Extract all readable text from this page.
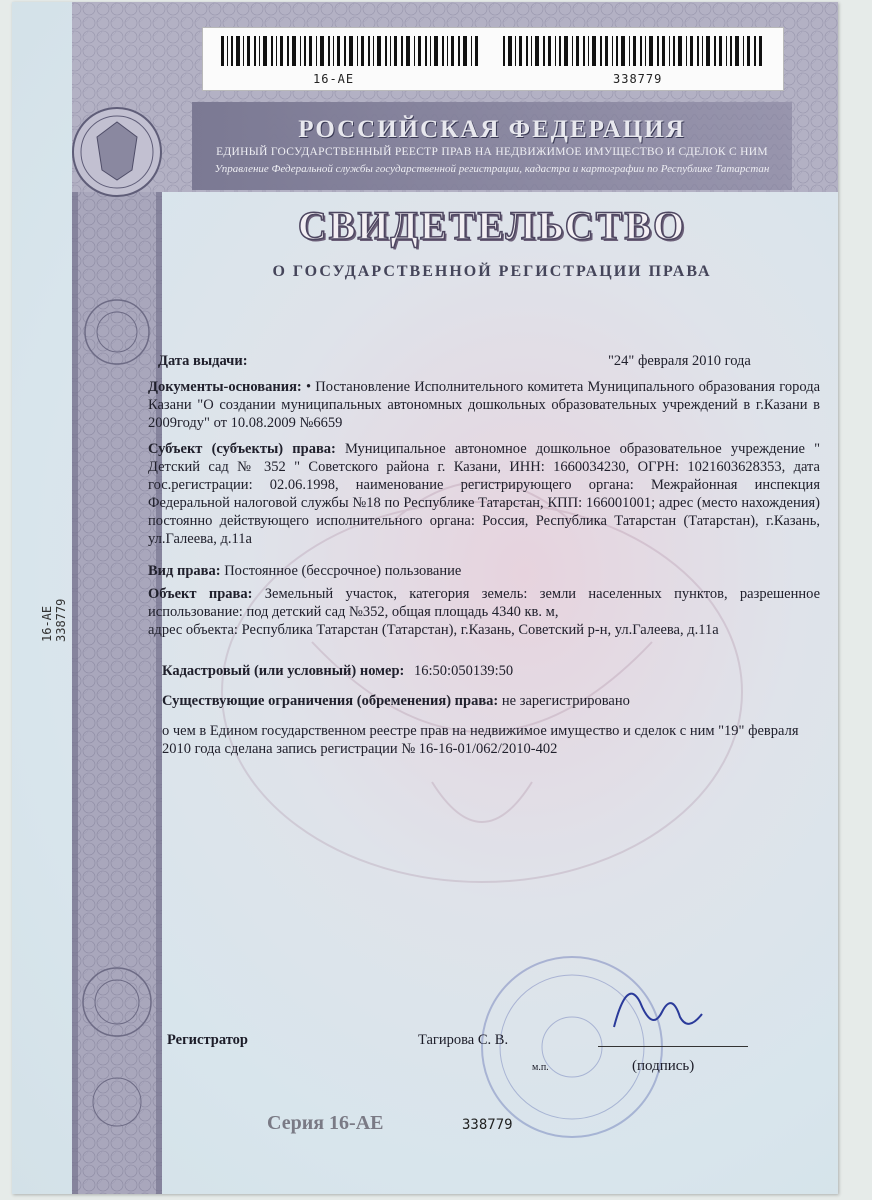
16-AE	338779
РОССИЙСКАЯ ФЕДЕРАЦИЯ
ЕДИНЫЙ ГОСУДАРСТВЕННЫЙ РЕЕСТР ПРАВ НА НЕДВИЖИМОЕ ИМУЩЕСТВО И СДЕЛОК С НИМ
Управление Федеральной службы государственной регистрации, кадастра и картографии по Республике Татарстан
СВИДЕТЕЛЬСТВО
О ГОСУДАРСТВЕННОЙ РЕГИСТРАЦИИ ПРАВА
16-AE 338779
Дата выдачи:	"24" февраля 2010 года
Документы-основания: • Постановление Исполнительного комитета Муниципального образования города Казани "О создании муниципальных автономных дошкольных образовательных учреждений в г.Казани в 2009году" от 10.08.2009 №6659
Субъект (субъекты) права: Муниципальное автономное дошкольное образовательное учреждение " Детский сад № 352 " Советского района г. Казани, ИНН: 1660034230, ОГРН: 1021603628353, дата гос.регистрации: 02.06.1998, наименование регистрирующего органа: Межрайонная инспекция Федеральной налоговой службы №18 по Республике Татарстан, КПП: 166001001; адрес (место нахождения) постоянно действующего исполнительного органа: Россия, Республика Татарстан (Татарстан), г.Казань, ул.Галеева, д.11а
Вид права: Постоянное (бессрочное) пользование
Объект права: Земельный участок, категория земель: земли населенных пунктов, разрешенное использование: под детский сад №352, общая площадь 4340 кв. м,
адрес объекта: Республика Татарстан (Татарстан), г.Казань, Советский р-н, ул.Галеева, д.11а
Кадастровый (или условный) номер: 16:50:050139:50
Существующие ограничения (обременения) права: не зарегистрировано
о чем в Едином государственном реестре прав на недвижимое имущество и сделок с ним "19" февраля 2010 года сделана запись регистрации № 16-16-01/062/2010-402
Регистратор	Тагирова С. В.
м.п.	(подпись)
Серия 16-АЕ	338779
